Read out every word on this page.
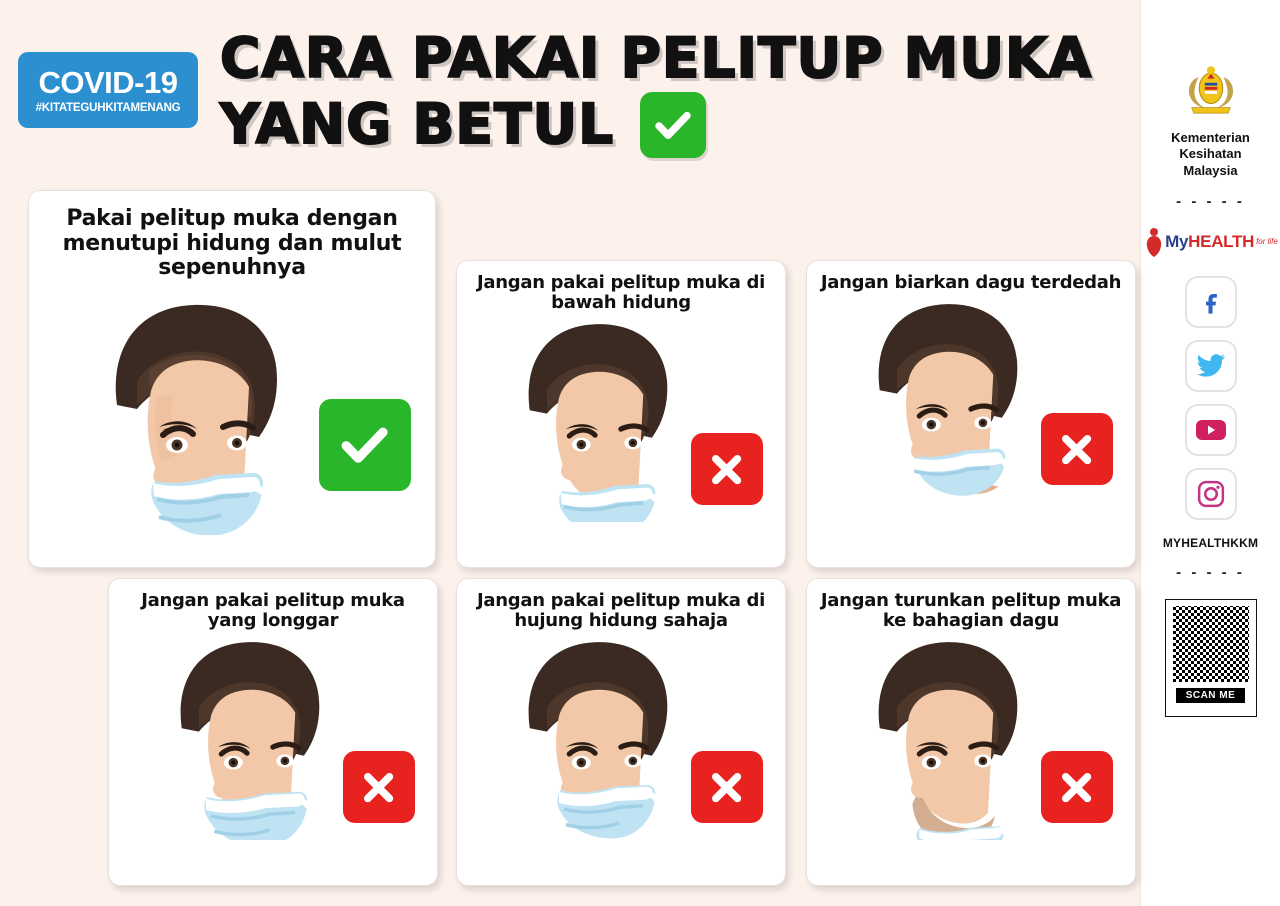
COVID-19
#KITATEGUHKITAMENANG
CARA PAKAI PELITUP MUKA
YANG BETUL
Pakai pelitup muka dengan menutupi hidung dan mulut sepenuhnya
Jangan pakai pelitup muka di bawah hidung
Jangan biarkan dagu terdedah
Jangan pakai pelitup muka yang longgar
Jangan pakai pelitup muka di hujung hidung sahaja
Jangan turunkan pelitup muka ke bahagian dagu
Kementerian
Kesihatan
Malaysia
- - - - -
MyHEALTH for life
MYHEALTHKKM
- - - - -
SCAN ME
